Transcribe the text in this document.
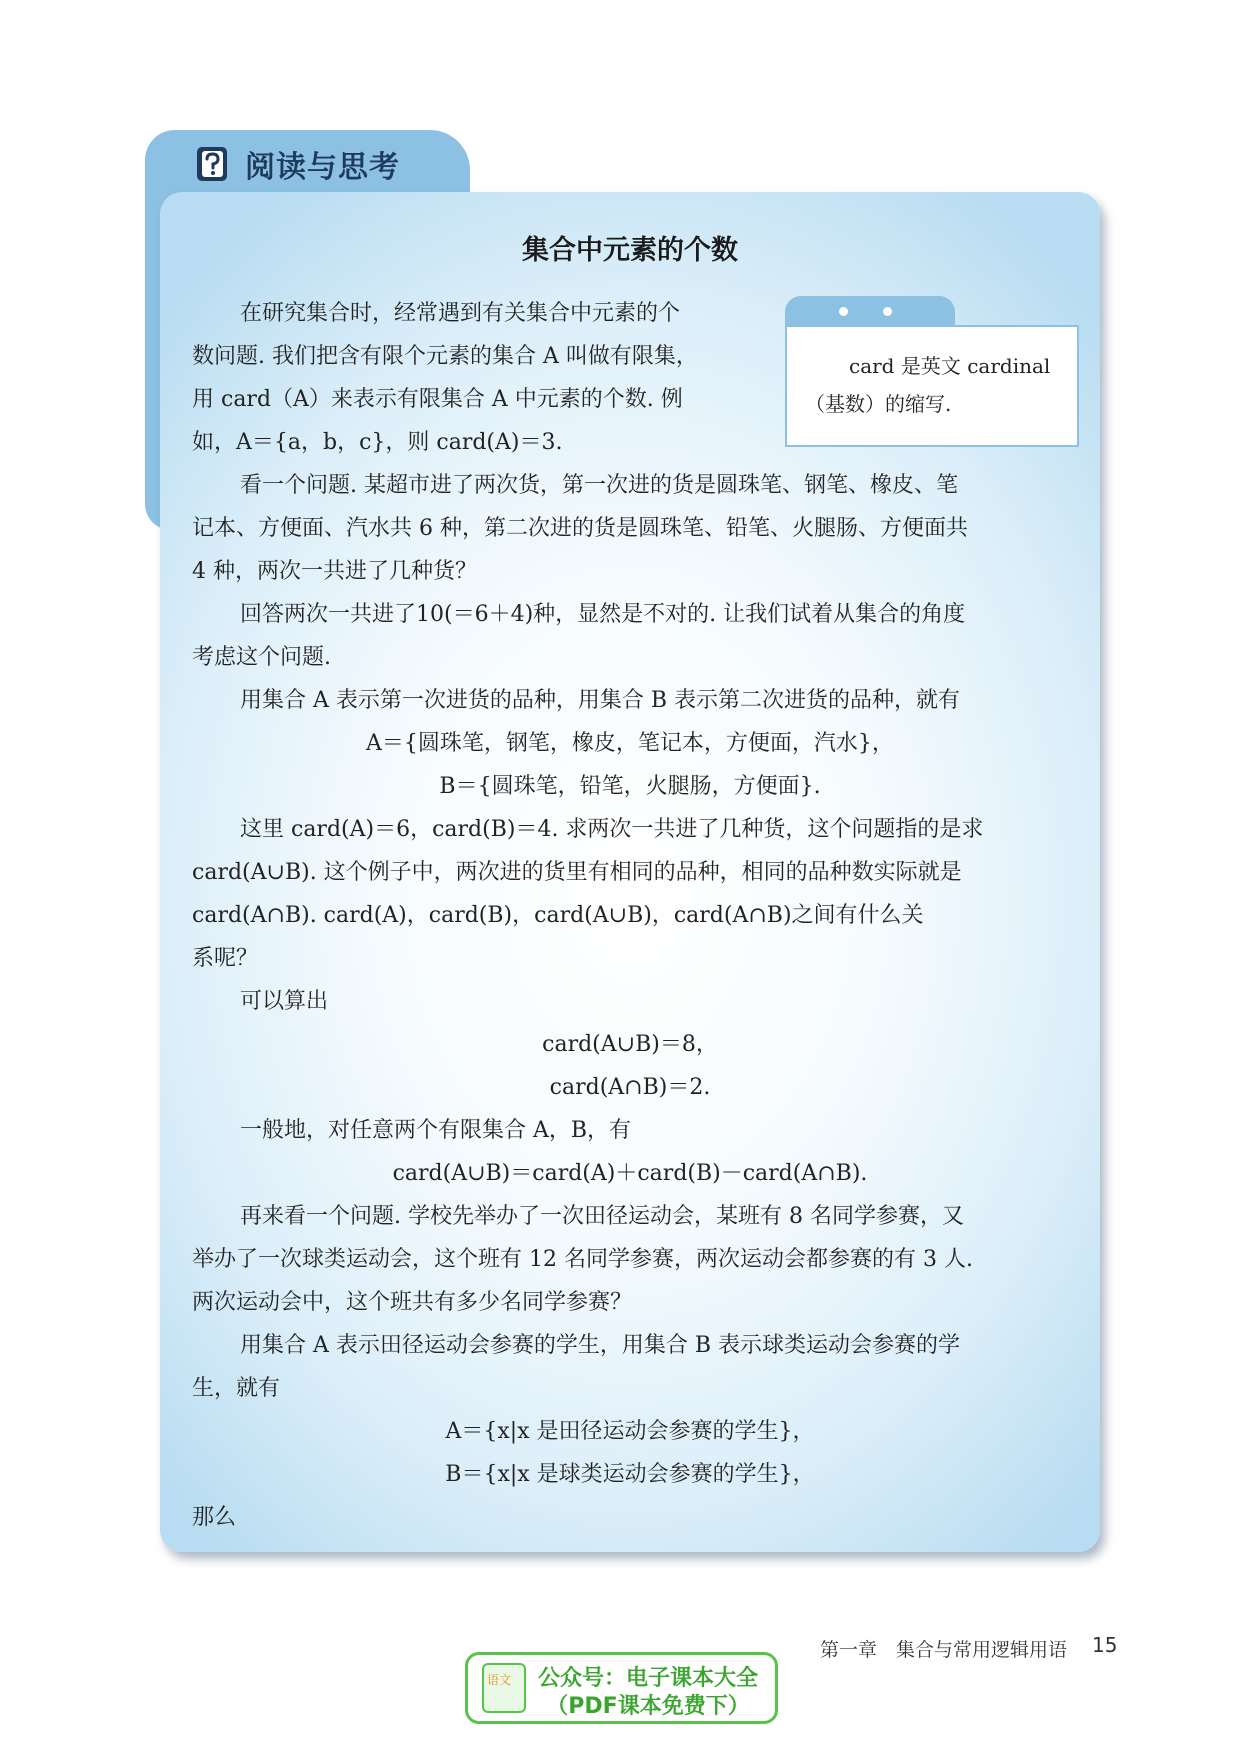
阅读与思考
集合中元素的个数
card 是英文 cardinal
（基数）的缩写.
在研究集合时，经常遇到有关集合中元素的个
数问题. 我们把含有限个元素的集合 A 叫做有限集，
用 card（A）来表示有限集合 A 中元素的个数. 例
如，A＝{a，b，c}，则 card(A)＝3.
看一个问题. 某超市进了两次货，第一次进的货是圆珠笔、钢笔、橡皮、笔
记本、方便面、汽水共 6 种，第二次进的货是圆珠笔、铅笔、火腿肠、方便面共
4 种，两次一共进了几种货？
回答两次一共进了10(＝6＋4)种，显然是不对的. 让我们试着从集合的角度
考虑这个问题.
用集合 A 表示第一次进货的品种，用集合 B 表示第二次进货的品种，就有
A＝{圆珠笔，钢笔，橡皮，笔记本，方便面，汽水}，
B＝{圆珠笔，铅笔，火腿肠，方便面}.
这里 card(A)＝6，card(B)＝4. 求两次一共进了几种货，这个问题指的是求
card(A∪B). 这个例子中，两次进的货里有相同的品种，相同的品种数实际就是
card(A∩B). card(A)，card(B)，card(A∪B)，card(A∩B)之间有什么关
系呢？
可以算出
card(A∪B)＝8，
card(A∩B)＝2.
一般地，对任意两个有限集合 A，B，有
card(A∪B)＝card(A)＋card(B)－card(A∩B).
再来看一个问题. 学校先举办了一次田径运动会，某班有 8 名同学参赛，又
举办了一次球类运动会，这个班有 12 名同学参赛，两次运动会都参赛的有 3 人.
两次运动会中，这个班共有多少名同学参赛？
用集合 A 表示田径运动会参赛的学生，用集合 B 表示球类运动会参赛的学
生，就有
A＝{x|x 是田径运动会参赛的学生}，
B＝{x|x 是球类运动会参赛的学生}，
那么
第一章　集合与常用逻辑用语 15
语文	公众号：电子课本大全
（PDF课本免费下）
